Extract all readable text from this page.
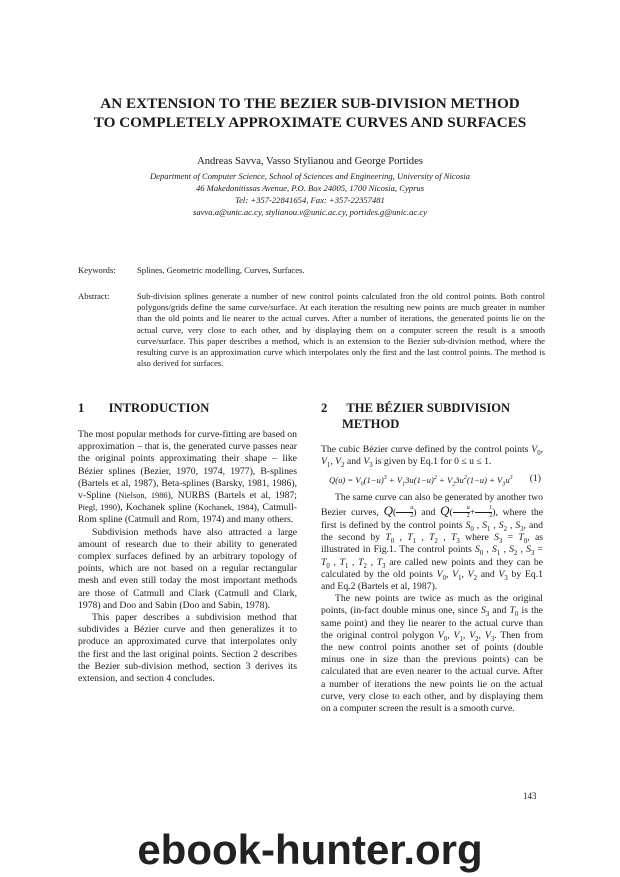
AN EXTENSION TO THE BEZIER SUB-DIVISION METHOD
TO COMPLETELY APPROXIMATE CURVES AND SURFACES
Andreas Savva, Vasso Stylianou and George Portides
Department of Computer Science, School of Sciences and Engineering, University of Nicosia
46 Makedonitissas Avenue, P.O. Box 24005, 1700 Nicosia, Cyprus
Tel: +357-22841654, Fax: +357-22357481
savva.a@unic.ac.cy, stylianou.v@unic.ac.cy, portides.g@unic.ac.cy
Keywords: Splines, Geometric modelling, Curves, Surfaces.
Abstract:	Sub-division splines generate a number of new control points calculated fron the old control points. Both control polygons/grids define the same curve/surface. At each iteration the resulting new points are much greater in number than the old points and lie nearer to the actual curves. After a number of iterations, the generated points lie on the actual curve, very close to each other, and by displaying them on a computer screen the result is a smooth curve/surface. This paper describes a method, which is an extension to the Bezier sub-division method, where the resulting curve is an approximation curve which interpolates only the first and the last control points. The method is also derived for surfaces.
1 INTRODUCTION

The most popular methods for curve-fitting are based on approximation – that is, the generated curve passes near the original points approximating their shape – like Bézier splines (Bezier, 1970, 1974, 1977), B-splines (Bartels et al, 1987), Beta-splines (Barsky, 1981, 1986), v-Spline (Nielson, 1986), NURBS (Bartels et al, 1987; Piegl, 1990), Kochanek spline (Kochanek, 1984), Catmull-Rom spline (Catmull and Rom, 1974) and many others.

Subdivision methods have also attracted a large amount of research due to their ability to generated complex surfaces defined by an arbitrary topology of points, which are not based on a regular rectangular mesh and even still today the most important methods are those of Catmull and Clark (Catmull and Clark, 1978) and Doo and Sabin (Doo and Sabin, 1978).

This paper describes a subdivision method that subdivides a Bézier curve and then generalizes it to produce an approximated curve that interpolates only the first and the last original points. Section 2 describes the Bezier sub-division method, section 3 derives its extension, and section 4 concludes.

2 THE BÉZIER SUBDIVISION
METHOD

The cubic Bézier curve defined by the control points $V_0$, $V_1$, $V_2$ and $V_3$ is given by Eq.1 for 0 ≤ u ≤ 1.

$Q(u) = V_0(1-u)^3 + V_13u(1-u)^2 + V_23u^2(1-u) + V_3u^3$ (1)

The same curve can also be generated by another two Bezier curves, $Q( \frac{u}{2}$ ) and $Q( \frac{u}{2} + \frac{1}{2}$ ), where the first is defined by the control points $S_0$ , $S_1$ , $S_2$ , $S_3$, and the second by $T_0$ , $T_1$ , $T_2$ , $T_3$ where $S_3 = T_0$, as illustrated in Fig.1. The control points $S_0$ , $S_1$ , $S_2$ , $S_3 = T_0$ , $T_1$ , $T_2$ , $T_3$ are called new points and they can be calculated by the old points $V_0$, $V_1$, $V_2$ and $V_3$ by Eq.1 and Eq.2 (Bartels et al, 1987).

The new points are twice as much as the original points, (in-fact double minus one, since $S_3$ and $T_0$ is the same point) and they lie nearer to the actual curve than the original control polygon $V_0$, $V_1$, $V_2$, $V_3$. Then from the new control points another set of points (double minus one in size than the previous points) can be calculated that are even nearer to the actual curve. After a number of iterations the new points lie on the actual curve, very close to each other, and by displaying them on a computer screen the result is a smooth curve.

143
ebook-hunter.org
